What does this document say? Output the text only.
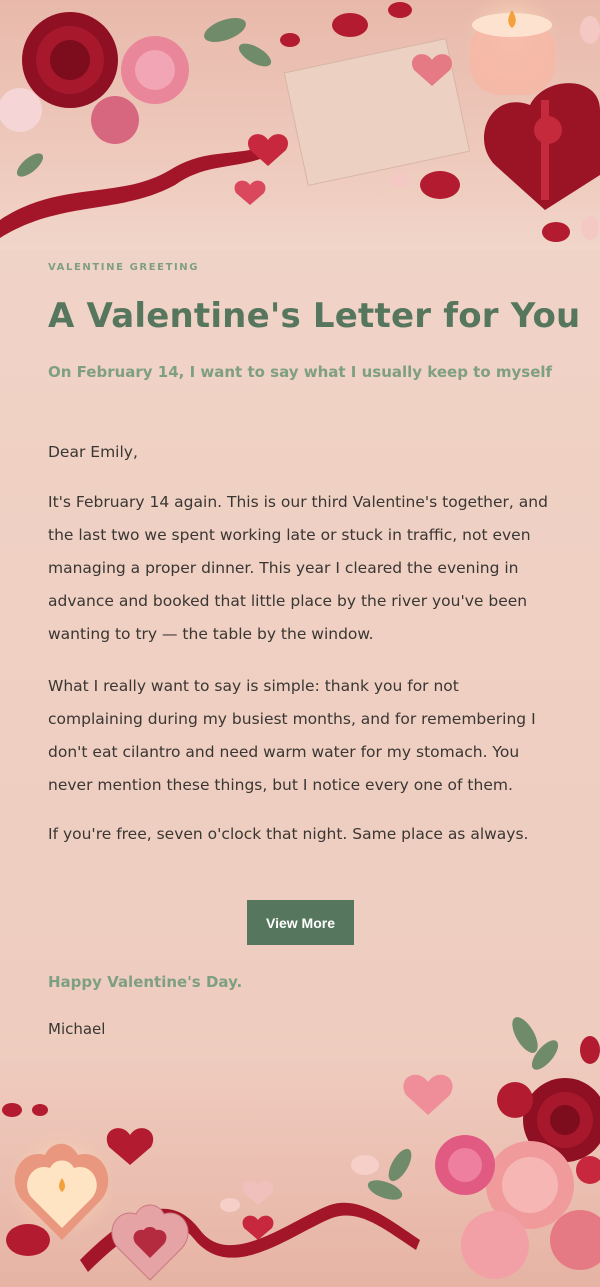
VALENTINE GREETING
A Valentine's Letter for You
On February 14, I want to say what I usually keep to myself
Dear Emily,

It's February 14 again. This is our third Valentine's together, and the last two we spent working late or stuck in traffic, not even managing a proper dinner. This year I cleared the evening in advance and booked that little place by the river you've been wanting to try — the table by the window.

What I really want to say is simple: thank you for not complaining during my busiest months, and for remembering I don't eat cilantro and need warm water for my stomach. You never mention these things, but I notice every one of them.

If you're free, seven o'clock that night. Same place as always.

View More
Happy Valentine's Day.
Michael
